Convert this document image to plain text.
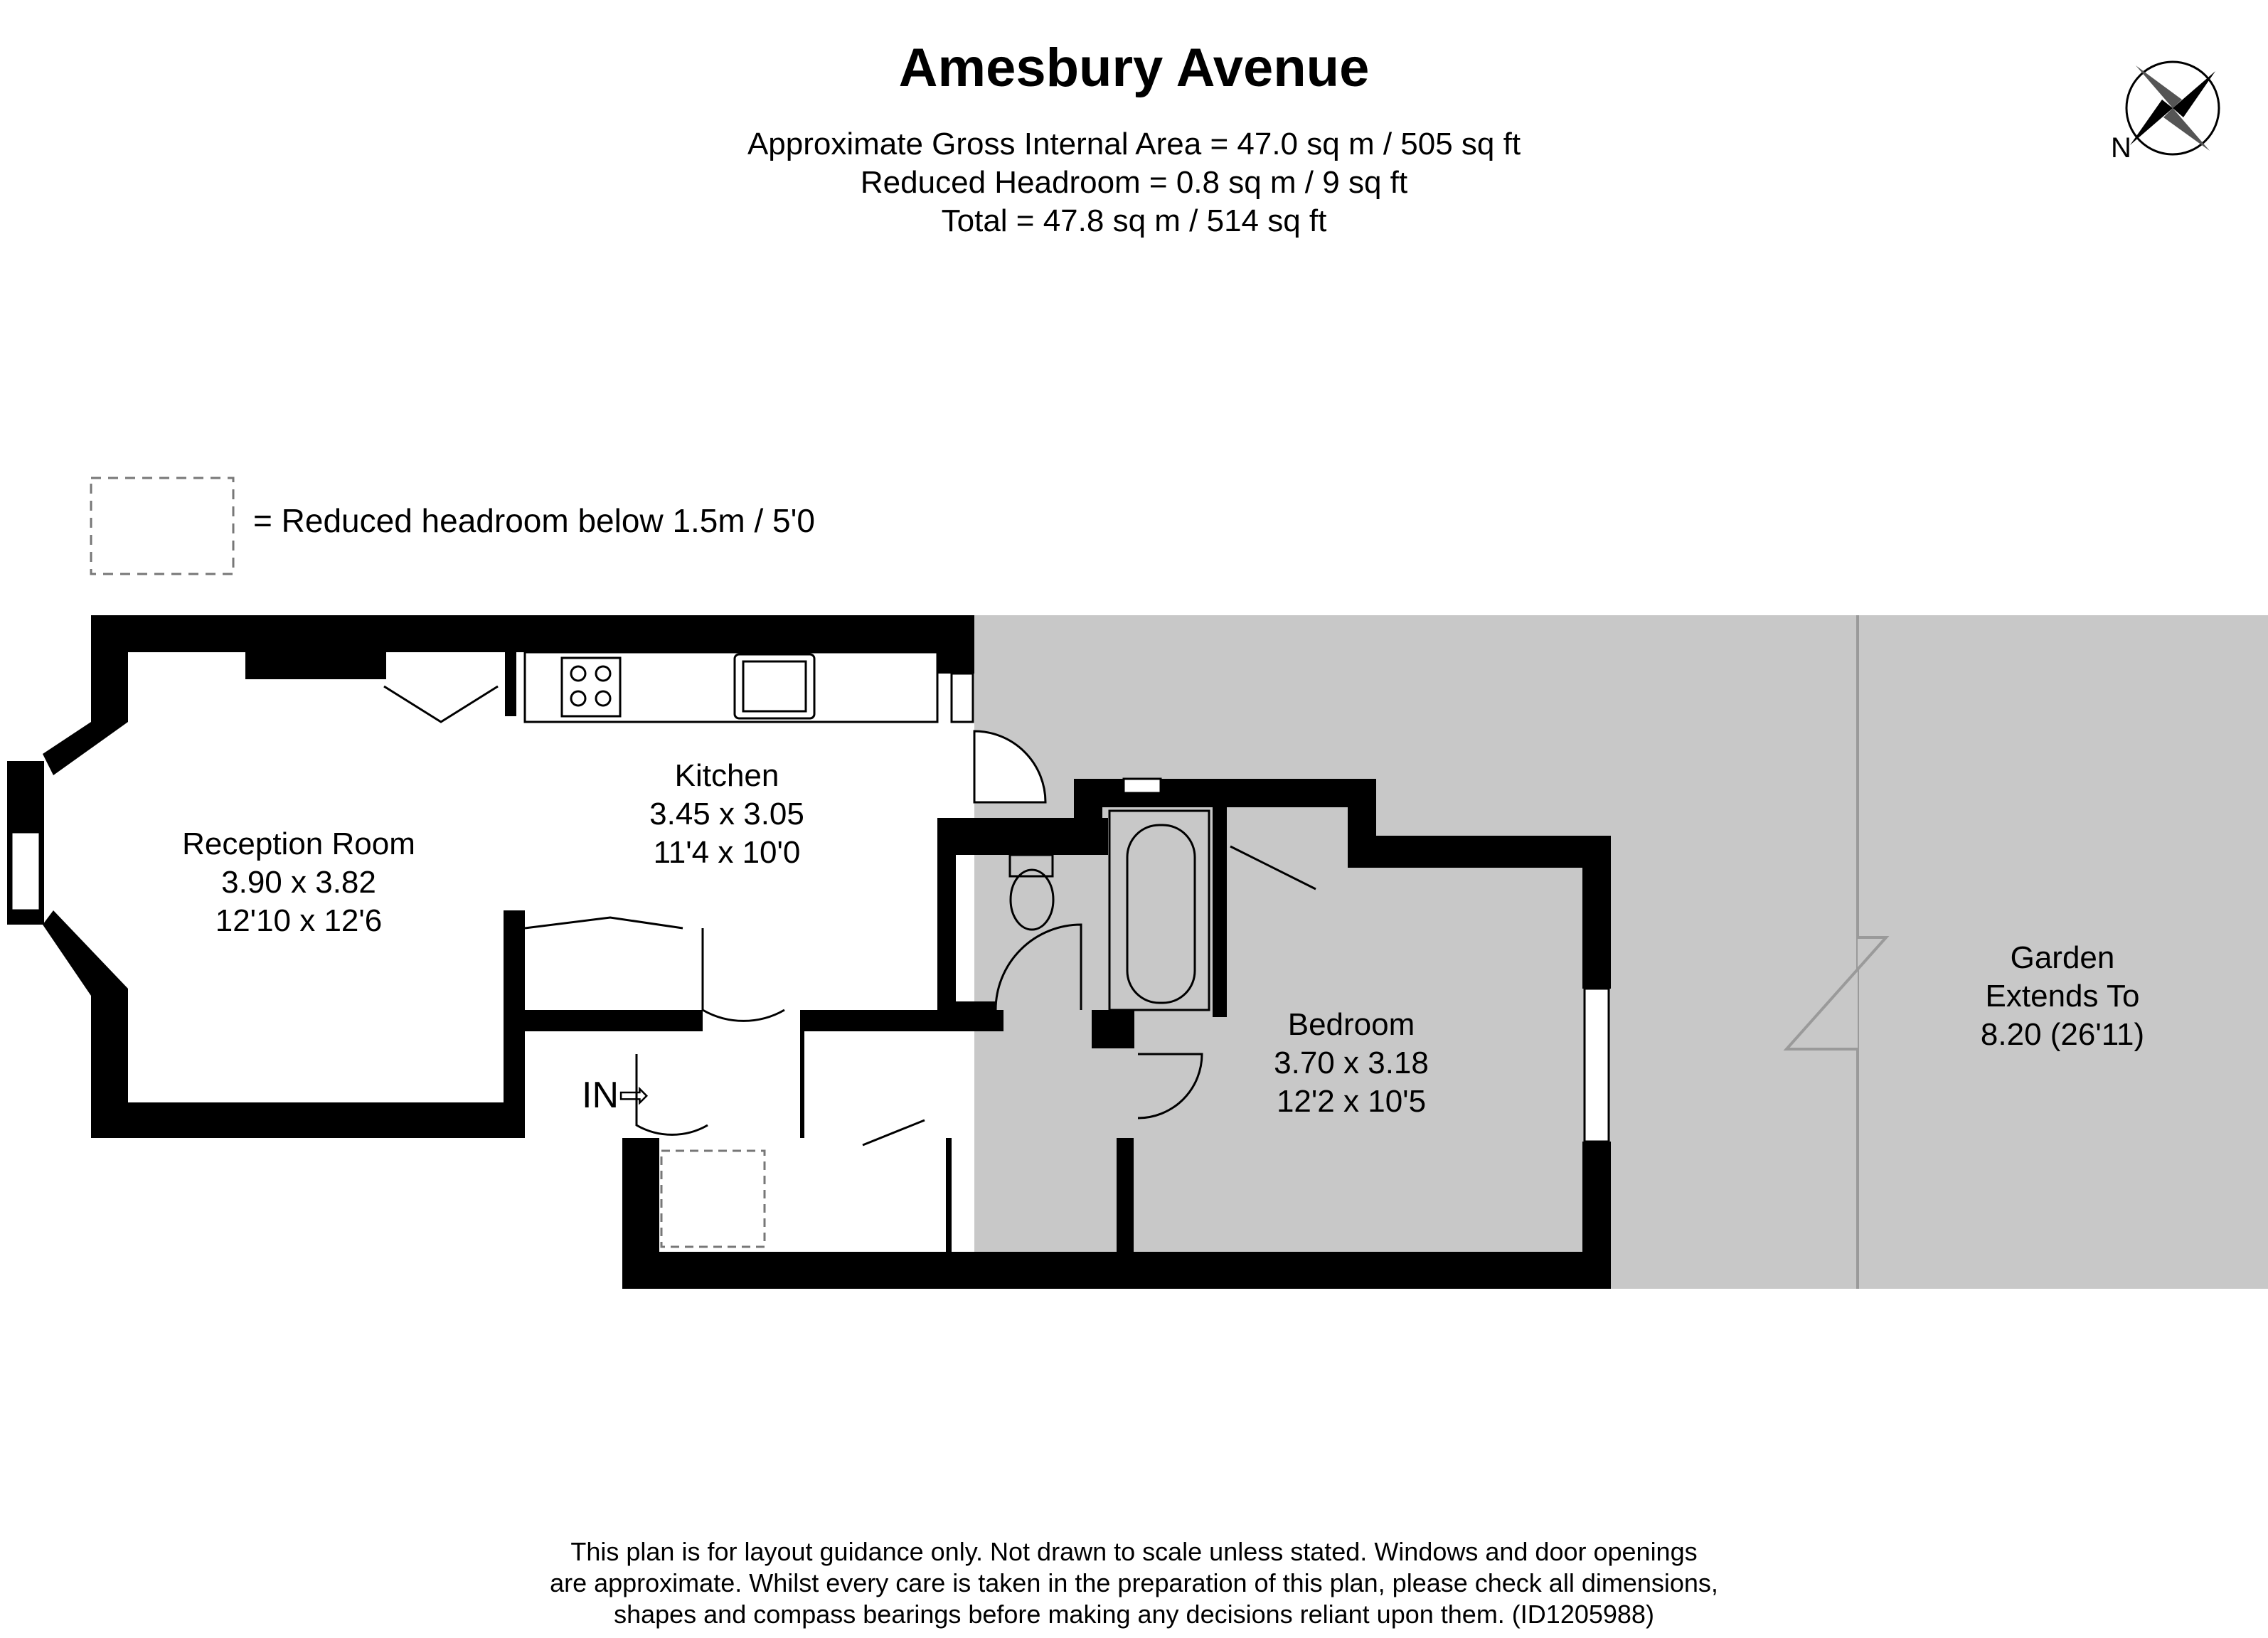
Amesbury Avenue
Approximate Gross Internal Area = 47.0 sq m / 505 sq ft
Reduced Headroom = 0.8 sq m / 9 sq ft
Total = 47.8 sq m / 514 sq ft
N
= Reduced headroom below 1.5m / 5'0
Reception Room
3.90 x 3.82
12'10 x 12'6
Kitchen
3.45 x 3.05
11'4 x 10'0
Bedroom
3.70 x 3.18
12'2 x 10'5
Garden
Extends To
8.20 (26'11)
IN⇨
This plan is for layout guidance only. Not drawn to scale unless stated. Windows and door openings
are approximate. Whilst every care is taken in the preparation of this plan, please check all dimensions,
shapes and compass bearings before making any decisions reliant upon them. (ID1205988)
